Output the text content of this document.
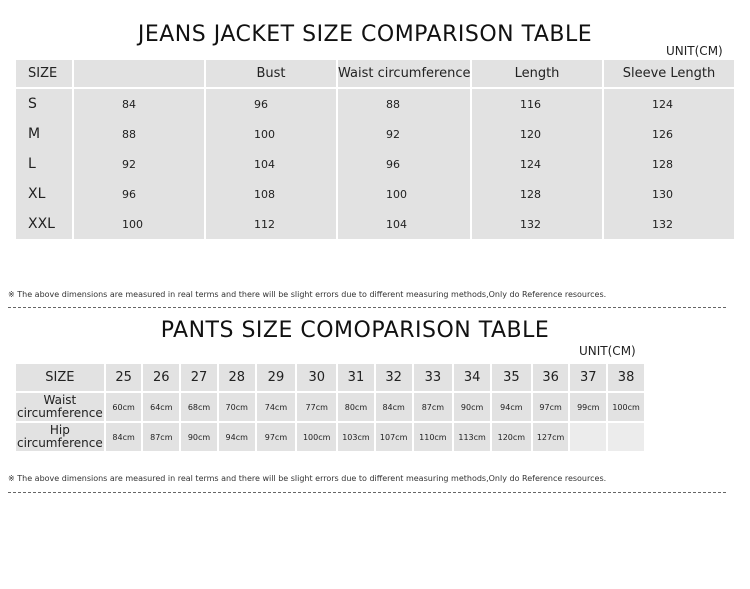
JEANS JACKET SIZE COMPARISON TABLE
UNIT(CM)
SIZE		Bust	Waist circumference	Length	Sleeve Length
S	84	96	88	116	124
M	88	100	92	120	126
L	92	104	96	124	128
XL	96	108	100	128	130
XXL	100	112	104	132	132
※ The above dimensions are measured in real terms and there will be slight errors due to different measuring methods,Only do Reference resources.
PANTS SIZE COMOPARISON TABLE
UNIT(CM)
SIZE	25	26	27	28	29	30	31	32	33	34	35	36	37	38
Waist circumference	60cm	64cm	68cm	70cm	74cm	77cm	80cm	84cm	87cm	90cm	94cm	97cm	99cm	100cm
Hip circumference	84cm	87cm	90cm	94cm	97cm	100cm	103cm	107cm	110cm	113cm	120cm	127cm		
※ The above dimensions are measured in real terms and there will be slight errors due to different measuring methods,Only do Reference resources.
